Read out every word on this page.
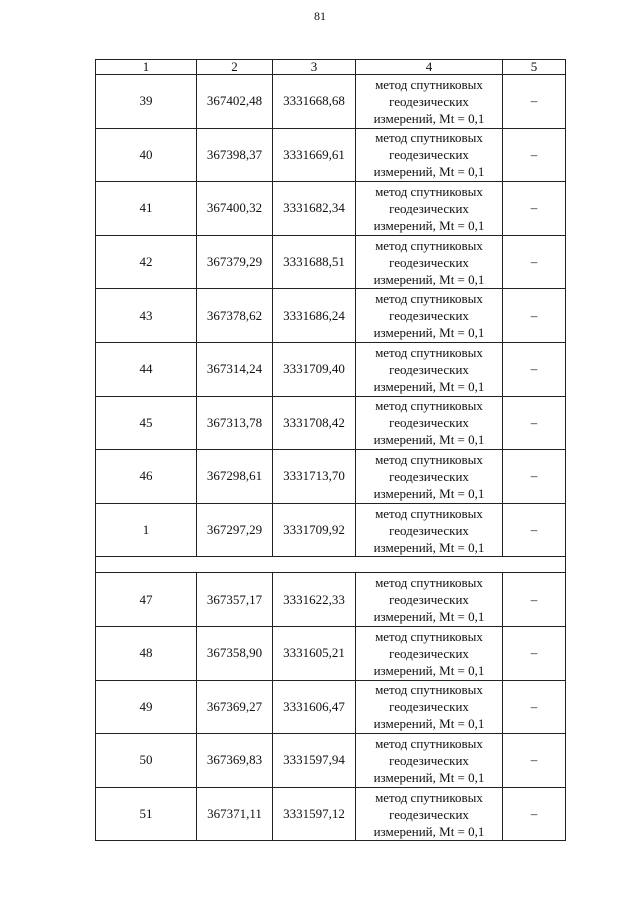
81
1	2	3	4	5
39	367402,48	3331668,68	метод спутниковых
геодезических
измерений, Mt = 0,1	–
40	367398,37	3331669,61	метод спутниковых
геодезических
измерений, Mt = 0,1	–
41	367400,32	3331682,34	метод спутниковых
геодезических
измерений, Mt = 0,1	–
42	367379,29	3331688,51	метод спутниковых
геодезических
измерений, Mt = 0,1	–
43	367378,62	3331686,24	метод спутниковых
геодезических
измерений, Mt = 0,1	–
44	367314,24	3331709,40	метод спутниковых
геодезических
измерений, Mt = 0,1	–
45	367313,78	3331708,42	метод спутниковых
геодезических
измерений, Mt = 0,1	–
46	367298,61	3331713,70	метод спутниковых
геодезических
измерений, Mt = 0,1	–
1	367297,29	3331709,92	метод спутниковых
геодезических
измерений, Mt = 0,1	–

47	367357,17	3331622,33	метод спутниковых
геодезических
измерений, Mt = 0,1	–
48	367358,90	3331605,21	метод спутниковых
геодезических
измерений, Mt = 0,1	–
49	367369,27	3331606,47	метод спутниковых
геодезических
измерений, Mt = 0,1	–
50	367369,83	3331597,94	метод спутниковых
геодезических
измерений, Mt = 0,1	–
51	367371,11	3331597,12	метод спутниковых
геодезических
измерений, Mt = 0,1	–
